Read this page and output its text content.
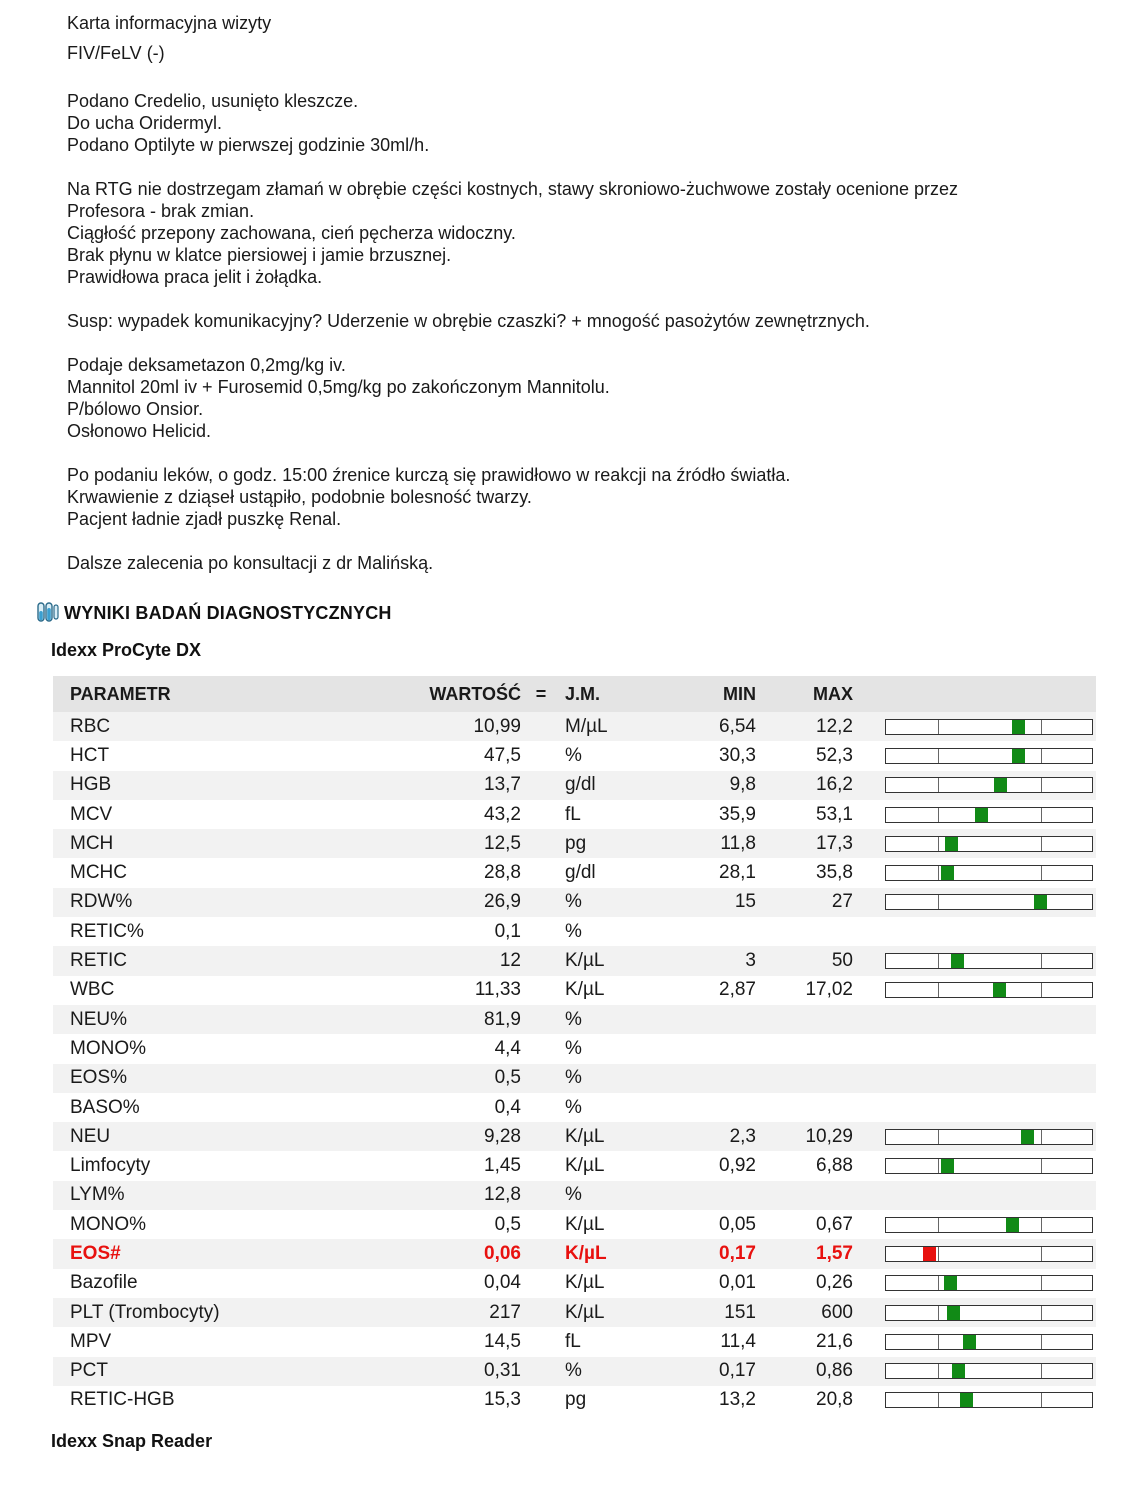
Karta informacyjna wizyty
FIV/FeLV (-)
Podano Credelio, usunięto kleszcze.
Do ucha Oridermyl.
Podano Optilyte w pierwszej godzinie 30ml/h.
Na RTG nie dostrzegam złamań w obrębie części kostnych, stawy skroniowo-żuchwowe zostały ocenione przez
Profesora - brak zmian.
Ciągłość przepony zachowana, cień pęcherza widoczny.
Brak płynu w klatce piersiowej i jamie brzusznej.
Prawidłowa praca jelit i żołądka.
Susp: wypadek komunikacyjny? Uderzenie w obrębie czaszki? + mnogość pasożytów zewnętrznych.
Podaje deksametazon 0,2mg/kg iv.
Mannitol 20ml iv + Furosemid 0,5mg/kg po zakończonym Mannitolu.
P/bólowo Onsior.
Osłonowo Helicid.
Po podaniu leków, o godz. 15:00 źrenice kurczą się prawidłowo w reakcji na źródło światła.
Krwawienie z dziąseł ustąpiło, podobnie bolesność twarzy.
Pacjent ładnie zjadł puszkę Renal.
Dalsze zalecenia po konsultacji z dr Malińską.
WYNIKI BADAŃ DIAGNOSTYCZNYCH
Idexx ProCyte DX
PARAMETR	WARTOŚĆ	=	J.M.	MIN	MAX	
RBC	10,99		M/µL	6,54	12,2	

HCT	47,5		%	30,3	52,3	

HGB	13,7		g/dl	9,8	16,2	

MCV	43,2		fL	35,9	53,1	

MCH	12,5		pg	11,8	17,3	

MCHC	28,8		g/dl	28,1	35,8	

RDW%	26,9		%	15	27	

RETIC%	0,1		%			
RETIC	12		K/µL	3	50	

WBC	11,33		K/µL	2,87	17,02	

NEU%	81,9		%			
MONO%	4,4		%			
EOS%	0,5		%			
BASO%	0,4		%			
NEU	9,28		K/µL	2,3	10,29	

Limfocyty	1,45		K/µL	0,92	6,88	

LYM%	12,8		%			
MONO%	0,5		K/µL	0,05	0,67	

EOS#	0,06		K/µL	0,17	1,57	

Bazofile	0,04		K/µL	0,01	0,26	

PLT (Trombocyty)	217		K/µL	151	600	

MPV	14,5		fL	11,4	21,6	

PCT	0,31		%	0,17	0,86	

RETIC-HGB	15,3		pg	13,2	20,8	
Idexx Snap Reader
